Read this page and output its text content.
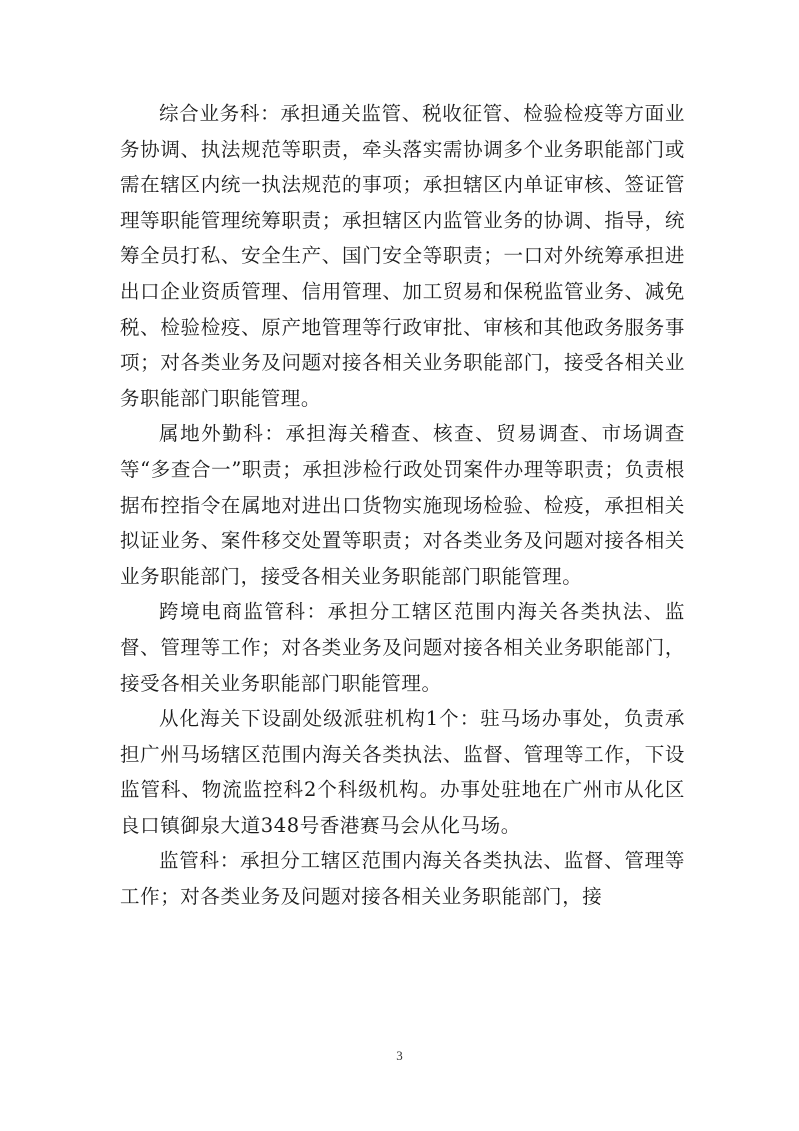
综合业务科：承担通关监管、税收征管、检验检疫等方面业务协调、执法规范等职责，牵头落实需协调多个业务职能部门或需在辖区内统一执法规范的事项；承担辖区内单证审核、签证管理等职能管理统筹职责；承担辖区内监管业务的协调、指导，统筹全员打私、安全生产、国门安全等职责；一口对外统筹承担进出口企业资质管理、信用管理、加工贸易和保税监管业务、减免税、检验检疫、原产地管理等行政审批、审核和其他政务服务事项；对各类业务及问题对接各相关业务职能部门，接受各相关业务职能部门职能管理。

属地外勤科：承担海关稽查、核查、贸易调查、市场调查等“多查合一”职责；承担涉检行政处罚案件办理等职责；负责根据布控指令在属地对进出口货物实施现场检验、检疫，承担相关拟证业务、案件移交处置等职责；对各类业务及问题对接各相关业务职能部门，接受各相关业务职能部门职能管理。

跨境电商监管科：承担分工辖区范围内海关各类执法、监督、管理等工作；对各类业务及问题对接各相关业务职能部门，接受各相关业务职能部门职能管理。

从化海关下设副处级派驻机构1个：驻马场办事处，负责承担广州马场辖区范围内海关各类执法、监督、管理等工作，下设监管科、物流监控科2个科级机构。办事处驻地在广州市从化区良口镇御泉大道348号香港赛马会从化马场。

监管科：承担分工辖区范围内海关各类执法、监督、管理等工作；对各类业务及问题对接各相关业务职能部门，接

3
